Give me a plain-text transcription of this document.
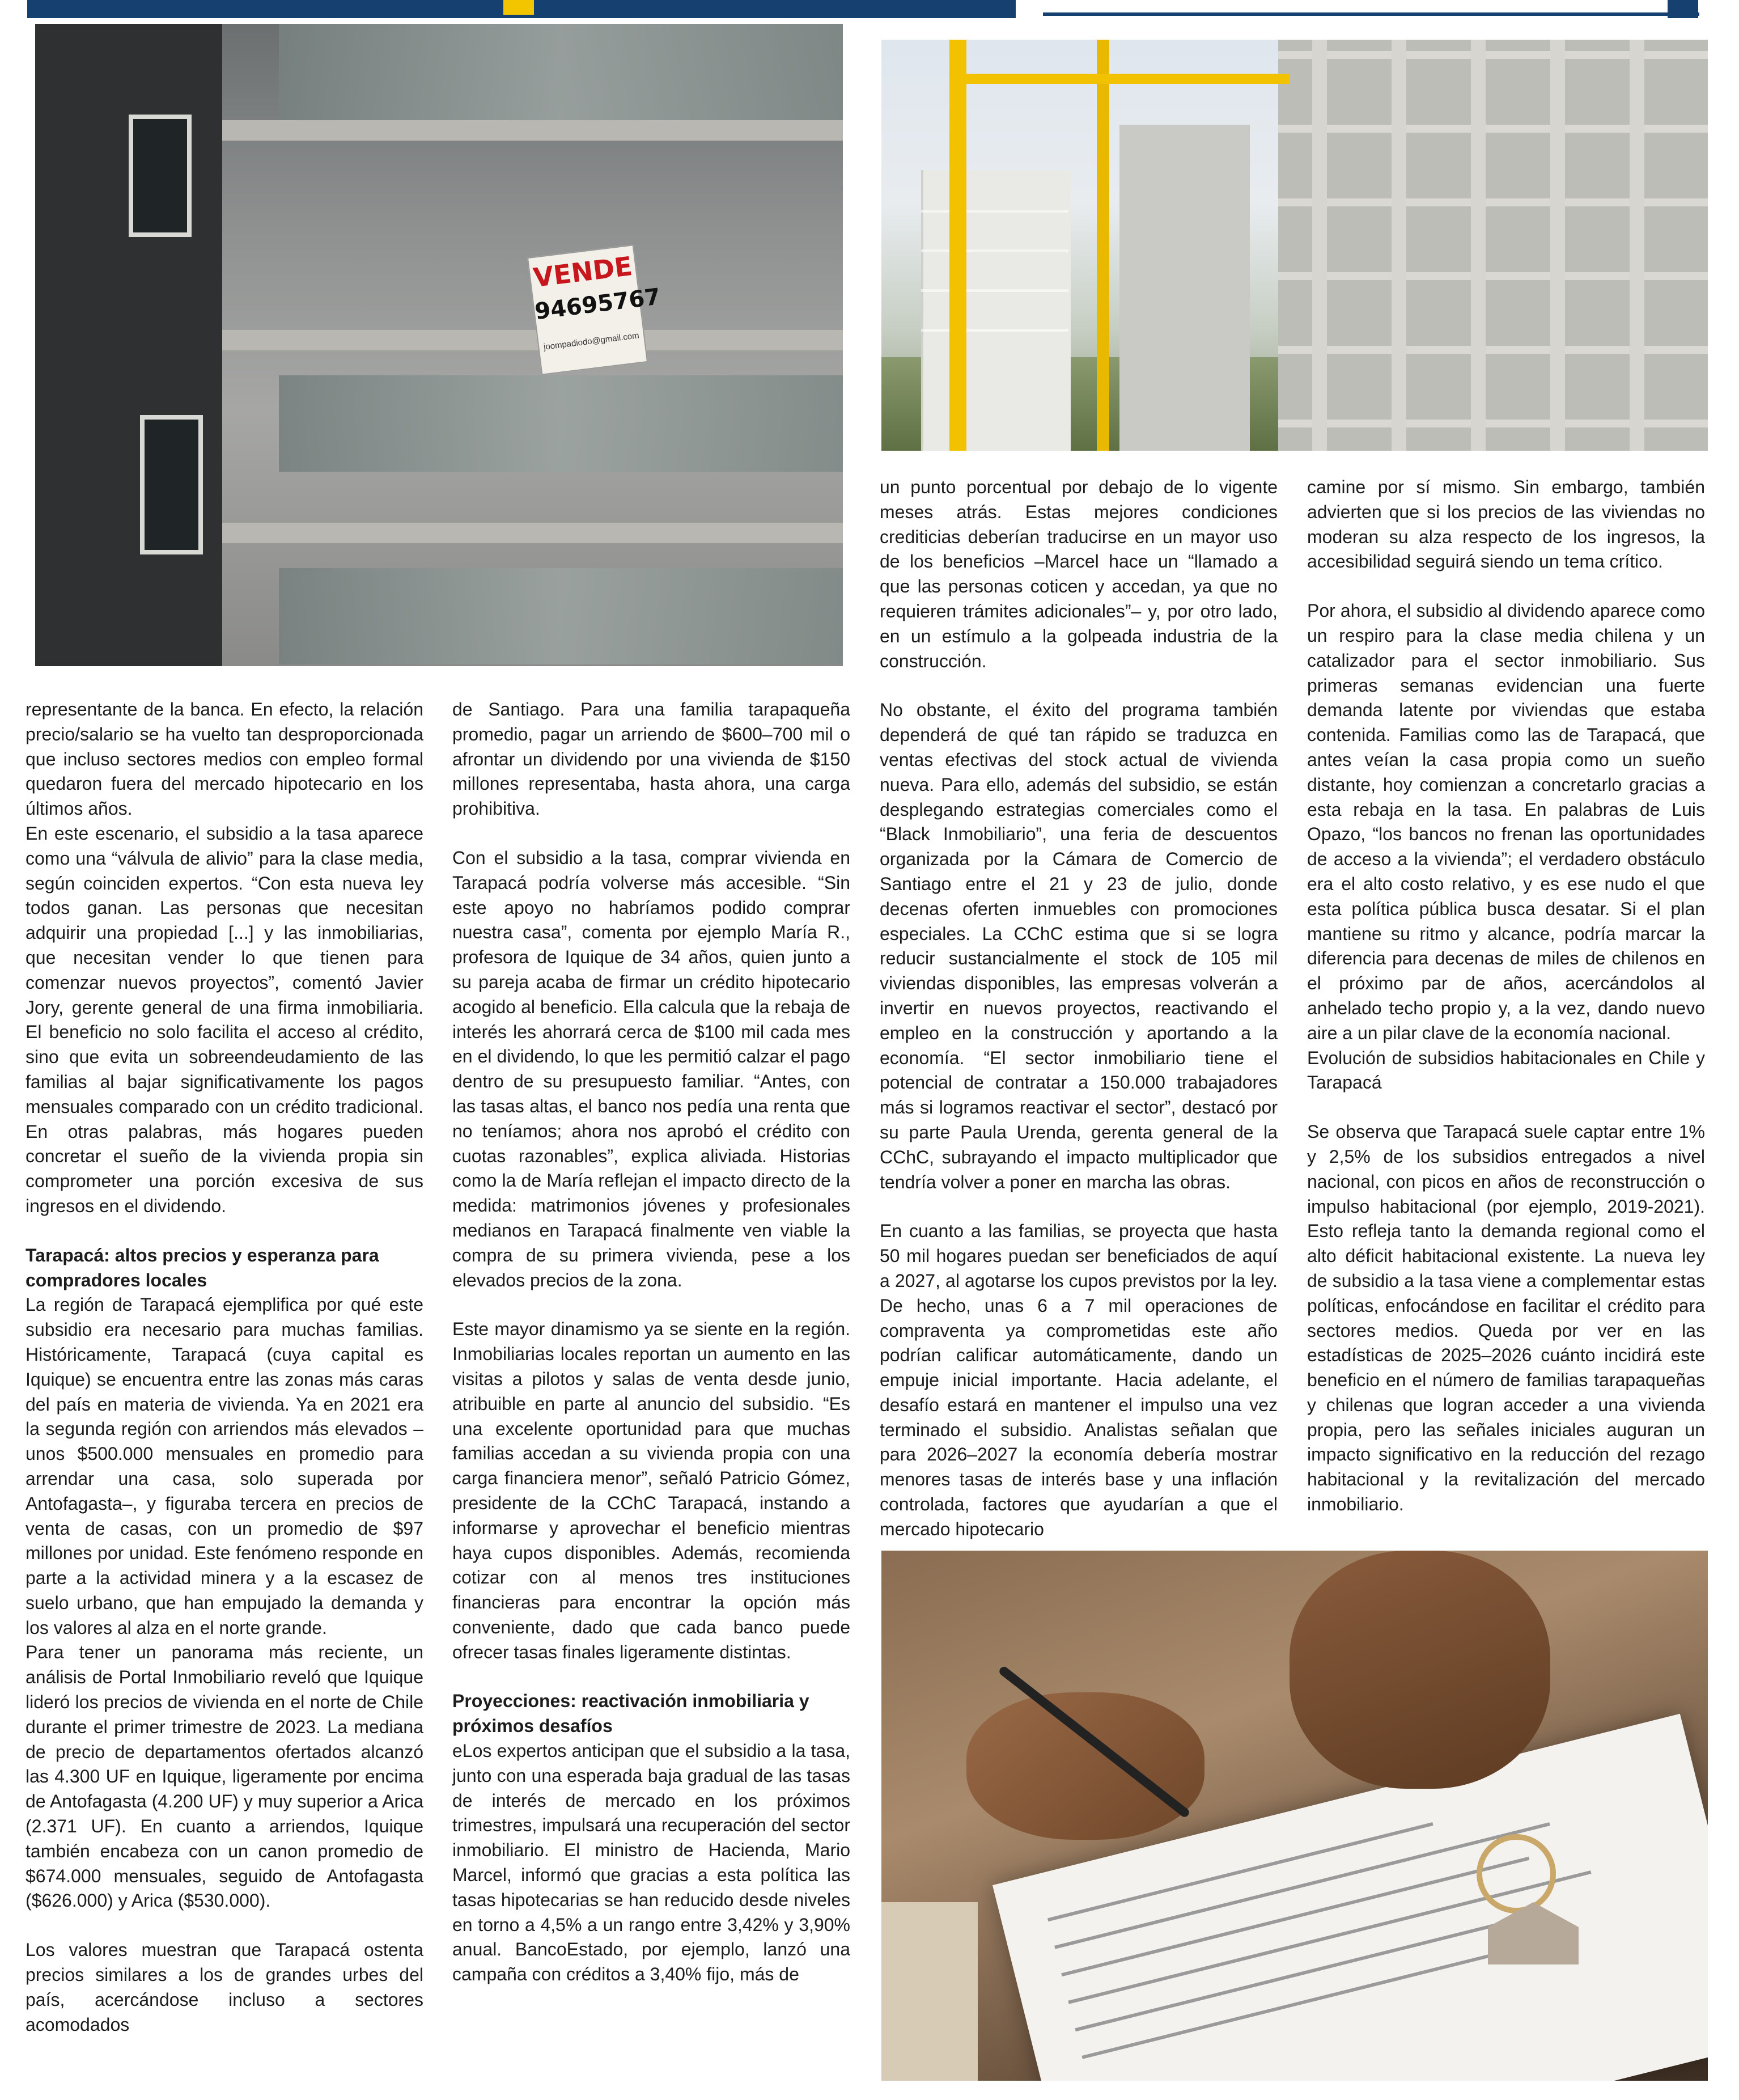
VENDE
94695767
joompadiodo@gmail.com

representante de la banca. En efecto, la relación precio/salario se ha vuelto tan desproporcionada que incluso sectores medios con empleo formal quedaron fuera del mercado hipotecario en los últimos años.

En este escenario, el subsidio a la tasa aparece como una “válvula de alivio” para la clase media, según coinciden expertos. “Con esta nueva ley todos ganan. Las personas que necesitan adquirir una propiedad [...] y las inmobiliarias, que necesitan vender lo que tienen para comenzar nuevos proyectos”, comentó Javier Jory, gerente general de una firma inmobiliaria. El beneficio no solo facilita el acceso al crédito, sino que evita un sobreendeudamiento de las familias al bajar significativamente los pagos mensuales comparado con un crédito tradicional. En otras palabras, más hogares pueden concretar el sueño de la vivienda propia sin comprometer una porción excesiva de sus ingresos en el dividendo.

Tarapacá: altos precios y esperanza para compradores locales

La región de Tarapacá ejemplifica por qué este subsidio era necesario para muchas familias. Históricamente, Tarapacá (cuya capital es Iquique) se encuentra entre las zonas más caras del país en materia de vivienda. Ya en 2021 era la segunda región con arriendos más elevados –unos $500.000 mensuales en promedio para arrendar una casa, solo superada por Antofagasta–, y figuraba tercera en precios de venta de casas, con un promedio de $97 millones por unidad. Este fenómeno responde en parte a la actividad minera y a la escasez de suelo urbano, que han empujado la demanda y los valores al alza en el norte grande.

Para tener un panorama más reciente, un análisis de Portal Inmobiliario reveló que Iquique lideró los precios de vivienda en el norte de Chile durante el primer trimestre de 2023. La mediana de precio de departamentos ofertados alcanzó las 4.300 UF en Iquique, ligeramente por encima de Antofagasta (4.200 UF) y muy superior a Arica (2.371 UF). En cuanto a arriendos, Iquique también encabeza con un canon promedio de $674.000 mensuales, seguido de Antofagasta ($626.000) y Arica ($530.000).

Los valores muestran que Tarapacá ostenta precios similares a los de grandes urbes del país, acercándose incluso a sectores acomodados

de Santiago. Para una familia tarapaqueña promedio, pagar un arriendo de $600–700 mil o afrontar un dividendo por una vivienda de $150 millones representaba, hasta ahora, una carga prohibitiva.

Con el subsidio a la tasa, comprar vivienda en Tarapacá podría volverse más accesible. “Sin este apoyo no habríamos podido comprar nuestra casa”, comenta por ejemplo María R., profesora de Iquique de 34 años, quien junto a su pareja acaba de firmar un crédito hipotecario acogido al beneficio. Ella calcula que la rebaja de interés les ahorrará cerca de $100 mil cada mes en el dividendo, lo que les permitió calzar el pago dentro de su presupuesto familiar. “Antes, con las tasas altas, el banco nos pedía una renta que no teníamos; ahora nos aprobó el crédito con cuotas razonables”, explica aliviada. Historias como la de María reflejan el impacto directo de la medida: matrimonios jóvenes y profesionales medianos en Tarapacá finalmente ven viable la compra de su primera vivienda, pese a los elevados precios de la zona.

Este mayor dinamismo ya se siente en la región. Inmobiliarias locales reportan un aumento en las visitas a pilotos y salas de venta desde junio, atribuible en parte al anuncio del subsidio. “Es una excelente oportunidad para que muchas familias accedan a su vivienda propia con una carga financiera menor”, señaló Patricio Gómez, presidente de la CChC Tarapacá, instando a informarse y aprovechar el beneficio mientras haya cupos disponibles. Además, recomienda cotizar con al menos tres instituciones financieras para encontrar la opción más conveniente, dado que cada banco puede ofrecer tasas finales ligeramente distintas.

Proyecciones: reactivación inmobiliaria y próximos desafíos

eLos expertos anticipan que el subsidio a la tasa, junto con una esperada baja gradual de las tasas de interés de mercado en los próximos trimestres, impulsará una recuperación del sector inmobiliario. El ministro de Hacienda, Mario Marcel, informó que gracias a esta política las tasas hipotecarias se han reducido desde niveles en torno a 4,5% a un rango entre 3,42% y 3,90% anual. BancoEstado, por ejemplo, lanzó una campaña con créditos a 3,40% fijo, más de

un punto porcentual por debajo de lo vigente meses atrás. Estas mejores condiciones crediticias deberían traducirse en un mayor uso de los beneficios –Marcel hace un “llamado a que las personas coticen y accedan, ya que no requieren trámites adicionales”– y, por otro lado, en un estímulo a la golpeada industria de la construcción.

No obstante, el éxito del programa también dependerá de qué tan rápido se traduzca en ventas efectivas del stock actual de vivienda nueva. Para ello, además del subsidio, se están desplegando estrategias comerciales como el “Black Inmobiliario”, una feria de descuentos organizada por la Cámara de Comercio de Santiago entre el 21 y 23 de julio, donde decenas oferten inmuebles con promociones especiales. La CChC estima que si se logra reducir sustancialmente el stock de 105 mil viviendas disponibles, las empresas volverán a invertir en nuevos proyectos, reactivando el empleo en la construcción y aportando a la economía. “El sector inmobiliario tiene el potencial de contratar a 150.000 trabajadores más si logramos reactivar el sector”, destacó por su parte Paula Urenda, gerenta general de la CChC, subrayando el impacto multiplicador que tendría volver a poner en marcha las obras.

En cuanto a las familias, se proyecta que hasta 50 mil hogares puedan ser beneficiados de aquí a 2027, al agotarse los cupos previstos por la ley. De hecho, unas 6 a 7 mil operaciones de compraventa ya comprometidas este año podrían calificar automáticamente, dando un empuje inicial importante. Hacia adelante, el desafío estará en mantener el impulso una vez terminado el subsidio. Analistas señalan que para 2026–2027 la economía debería mostrar menores tasas de interés base y una inflación controlada, factores que ayudarían a que el mercado hipotecario

camine por sí mismo. Sin embargo, también advierten que si los precios de las viviendas no moderan su alza respecto de los ingresos, la accesibilidad seguirá siendo un tema crítico.

Por ahora, el subsidio al dividendo aparece como un respiro para la clase media chilena y un catalizador para el sector inmobiliario. Sus primeras semanas evidencian una fuerte demanda latente por viviendas que estaba contenida. Familias como las de Tarapacá, que antes veían la casa propia como un sueño distante, hoy comienzan a concretarlo gracias a esta rebaja en la tasa. En palabras de Luis Opazo, “los bancos no frenan las oportunidades de acceso a la vivienda”; el verdadero obstáculo era el alto costo relativo, y es ese nudo el que esta política pública busca desatar. Si el plan mantiene su ritmo y alcance, podría marcar la diferencia para decenas de miles de chilenos en el próximo par de años, acercándolos al anhelado techo propio y, a la vez, dando nuevo aire a un pilar clave de la economía nacional.

Evolución de subsidios habitacionales en Chile y Tarapacá

Se observa que Tarapacá suele captar entre 1% y 2,5% de los subsidios entregados a nivel nacional, con picos en años de reconstrucción o impulso habitacional (por ejemplo, 2019-2021). Esto refleja tanto la demanda regional como el alto déficit habitacional existente. La nueva ley de subsidio a la tasa viene a complementar estas políticas, enfocándose en facilitar el crédito para sectores medios. Queda por ver en las estadísticas de 2025–2026 cuánto incidirá este beneficio en el número de familias tarapaqueñas y chilenas que logran acceder a una vivienda propia, pero las señales iniciales auguran un impacto significativo en la reducción del rezago habitacional y la revitalización del mercado inmobiliario.
